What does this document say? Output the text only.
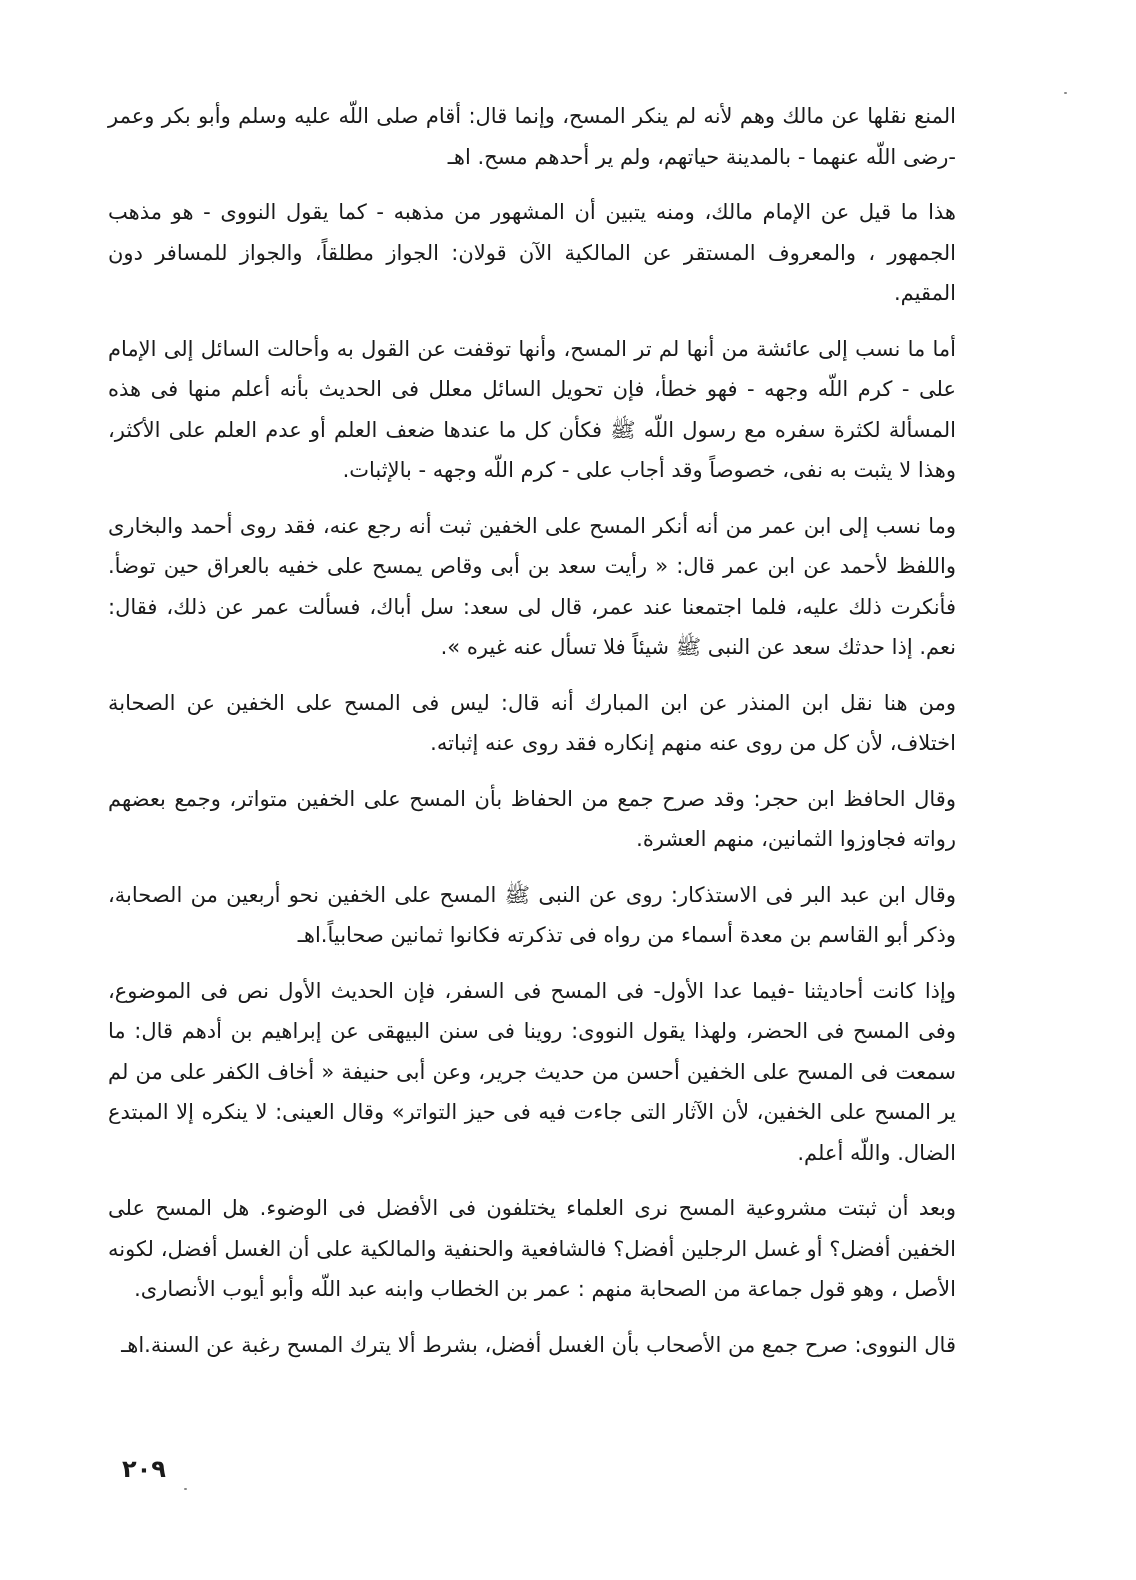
المنع نقلها عن مالك وهم لأنه لم ينكر المسح، وإنما قال: أقام صلى اللّه عليه وسلم وأبو بكر وعمر -رضى اللّه عنهما - بالمدينة حياتهم، ولم ير أحدهم مسح. اهـ

هذا ما قيل عن الإمام مالك، ومنه يتبين أن المشهور من مذهبه - كما يقول النووى - هو مذهب الجمهور ، والمعروف المستقر عن المالكية الآن قولان: الجواز مطلقاً، والجواز للمسافر دون المقيم.

أما ما نسب إلى عائشة من أنها لم تر المسح، وأنها توقفت عن القول به وأحالت السائل إلى الإمام على - كرم اللّه وجهه - فهو خطأ، فإن تحويل السائل معلل فى الحديث بأنه أعلم منها فى هذه المسألة لكثرة سفره مع رسول اللّه ﷺ فكأن كل ما عندها ضعف العلم أو عدم العلم على الأكثر، وهذا لا يثبت به نفى، خصوصاً وقد أجاب على - كرم اللّه وجهه - بالإثبات.

وما نسب إلى ابن عمر من أنه أنكر المسح على الخفين ثبت أنه رجع عنه، فقد روى أحمد والبخارى واللفظ لأحمد عن ابن عمر قال: « رأيت سعد بن أبى وقاص يمسح على خفيه بالعراق حين توضأ. فأنكرت ذلك عليه، فلما اجتمعنا عند عمر، قال لى سعد: سل أباك، فسألت عمر عن ذلك، فقال: نعم. إذا حدثك سعد عن النبى ﷺ شيئاً فلا تسأل عنه غيره ».

ومن هنا نقل ابن المنذر عن ابن المبارك أنه قال: ليس فى المسح على الخفين عن الصحابة اختلاف، لأن كل من روى عنه منهم إنكاره فقد روى عنه إثباته.

وقال الحافظ ابن حجر: وقد صرح جمع من الحفاظ بأن المسح على الخفين متواتر، وجمع بعضهم رواته فجاوزوا الثمانين، منهم العشرة.

وقال ابن عبد البر فى الاستذكار: روى عن النبى ﷺ المسح على الخفين نحو أربعين من الصحابة، وذكر أبو القاسم بن معدة أسماء من رواه فى تذكرته فكانوا ثمانين صحابياً.اهـ

وإذا كانت أحاديثنا -فيما عدا الأول- فى المسح فى السفر، فإن الحديث الأول نص فى الموضوع، وفى المسح فى الحضر، ولهذا يقول النووى: روينا فى سنن البيهقى عن إبراهيم بن أدهم قال: ما سمعت فى المسح على الخفين أحسن من حديث جرير، وعن أبى حنيفة « أخاف الكفر على من لم ير المسح على الخفين، لأن الآثار التى جاءت فيه فى حيز التواتر» وقال العينى: لا ينكره إلا المبتدع الضال. واللّه أعلم.

وبعد أن ثبتت مشروعية المسح نرى العلماء يختلفون فى الأفضل فى الوضوء. هل المسح على الخفين أفضل؟ أو غسل الرجلين أفضل؟ فالشافعية والحنفية والمالكية على أن الغسل أفضل، لكونه الأصل ، وهو قول جماعة من الصحابة منهم : عمر بن الخطاب وابنه عبد اللّه وأبو أيوب الأنصارى.

قال النووى: صرح جمع من الأصحاب بأن الغسل أفضل، بشرط ألا يترك المسح رغبة عن السنة.اهـ

٢٠٩
